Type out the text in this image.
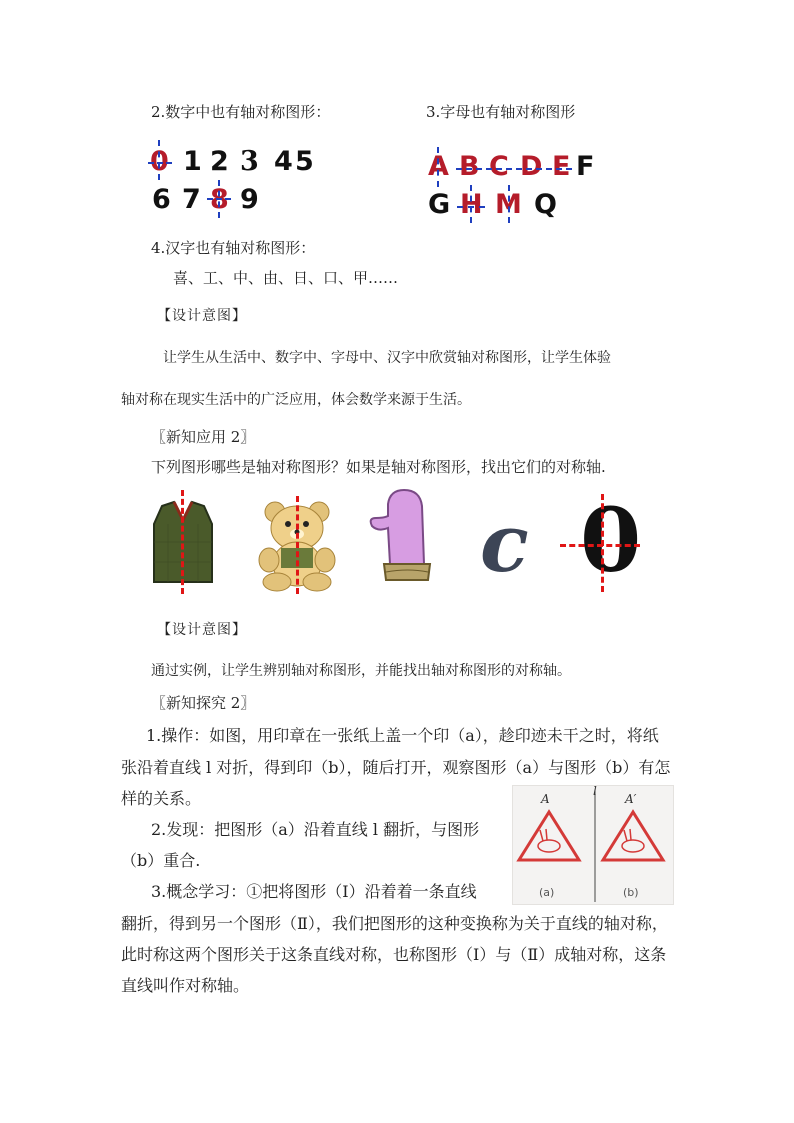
2.数字中也有轴对称图形：
0 1 2 3 4 5
6 7 8 9
3.字母也有轴对称图形
A B C D E F
G H M Q
4.汉字也有轴对称图形：
喜、工、中、由、日、口、甲……
【设计意图】
让学生从生活中、数字中、字母中、汉字中欣赏轴对称图形，让学生体验
轴对称在现实生活中的广泛应用，体会数学来源于生活。
〖新知应用 2〗
下列图形哪些是轴对称图形？如果是轴对称图形，找出它们的对称轴.
c 0
【设计意图】
通过实例，让学生辨别轴对称图形，并能找出轴对称图形的对称轴。
〖新知探究 2〗
1.操作：如图，用印章在一张纸上盖一个印（a），趁印迹未干之时，将纸
张沿着直线 l 对折，得到印（b），随后打开，观察图形（a）与图形（b）有怎
样的关系。
2.发现：把图形（a）沿着直线 l 翻折，与图形
（b）重合.
3.概念学习：①把将图形（Ⅰ）沿着着一条直线
翻折，得到另一个图形（Ⅱ），我们把图形的这种变换称为关于直线的轴对称，
此时称这两个图形关于这条直线对称，也称图形（Ⅰ）与（Ⅱ）成轴对称，这条
直线叫作对称轴。
A	A′
l
(a)	(b)
